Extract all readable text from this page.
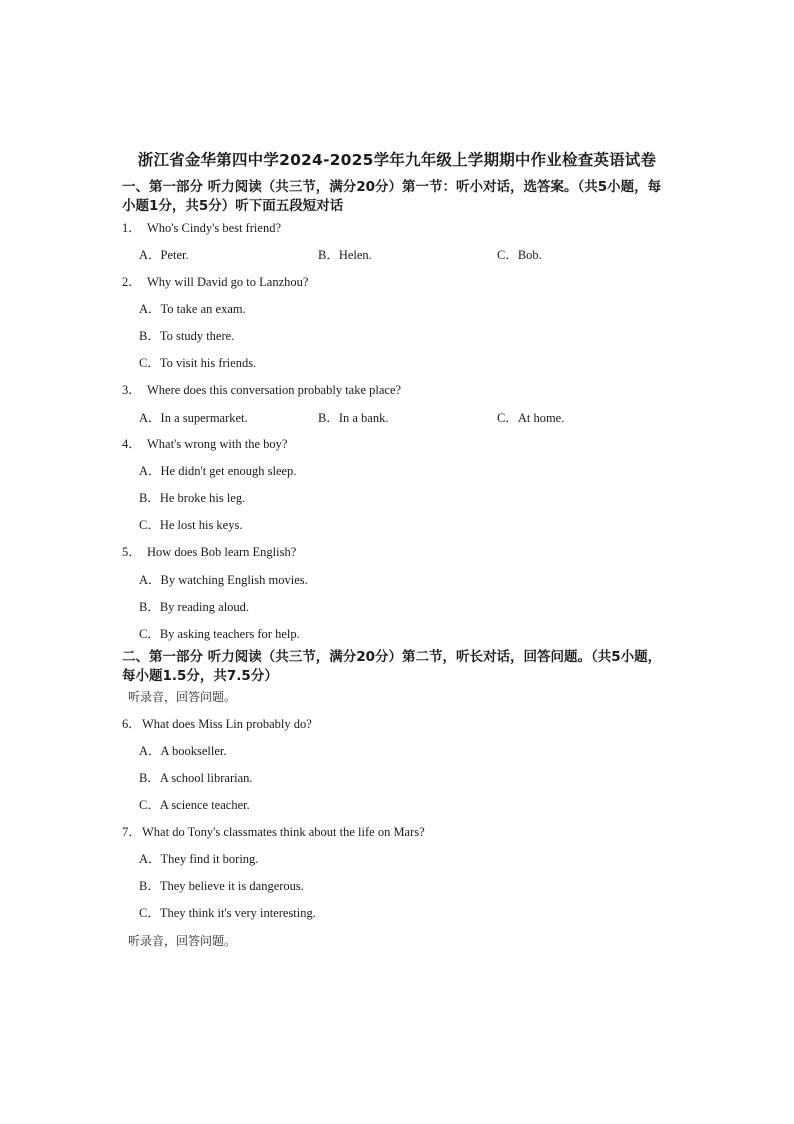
浙江省金华第四中学2024-2025学年九年级上学期期中作业检查英语试卷
一、第一部分 听力阅读（共三节，满分20分）第一节：听小对话，选答案。（共5小题，每
小题1分，共5分）听下面五段短对话
1． Who's Cindy's best friend?
A．Peter.	B．Helen.	C．Bob.
2． Why will David go to Lanzhou?
A．To take an exam.
B．To study there.
C．To visit his friends.
3． Where does this conversation probably take place?
A．In a supermarket.	B．In a bank.	C．At home.
4． What's wrong with the boy?
A．He didn't get enough sleep.
B．He broke his leg.
C．He lost his keys.
5． How does Bob learn English?
A．By watching English movies.
B．By reading aloud.
C．By asking teachers for help.
二、第一部分 听力阅读（共三节，满分20分）第二节，听长对话，回答问题。（共5小题，
每小题1.5分，共7.5分）
听录音，回答问题。
6． What does Miss Lin probably do?
A．A bookseller.
B．A school librarian.
C．A science teacher.
7． What do Tony's classmates think about the life on Mars?
A．They find it boring.
B．They believe it is dangerous.
C．They think it's very interesting.
听录音，回答问题。
